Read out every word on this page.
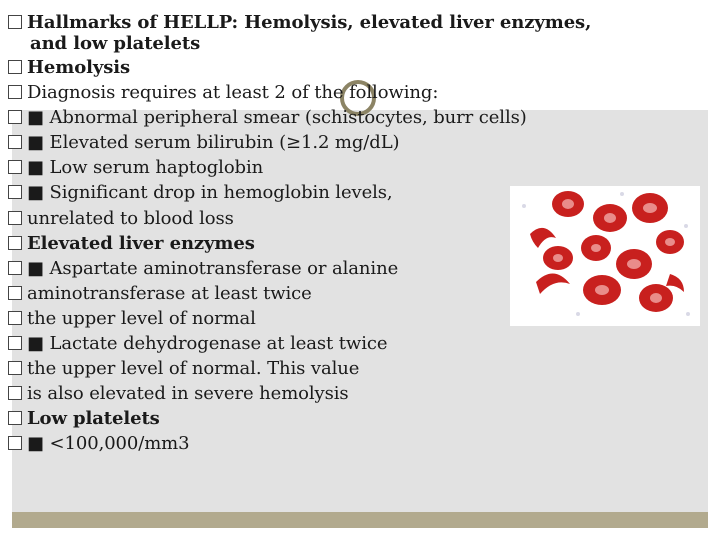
Hallmarks of HELLP: Hemolysis, elevated liver enzymes,
and low platelets
Hemolysis
Diagnosis requires at least 2 of the following:
■ Abnormal peripheral smear (schistocytes, burr cells)
■ Elevated serum bilirubin (≥1.2 mg/dL)
■ Low serum haptoglobin
■ Significant drop in hemoglobin levels,
unrelated to blood loss
Elevated liver enzymes
■ Aspartate aminotransferase or alanine
aminotransferase at least twice
the upper level of normal
■ Lactate dehydrogenase at least twice
the upper level of normal. This value
is also elevated in severe hemolysis
Low platelets
■ <100,000/mm3
